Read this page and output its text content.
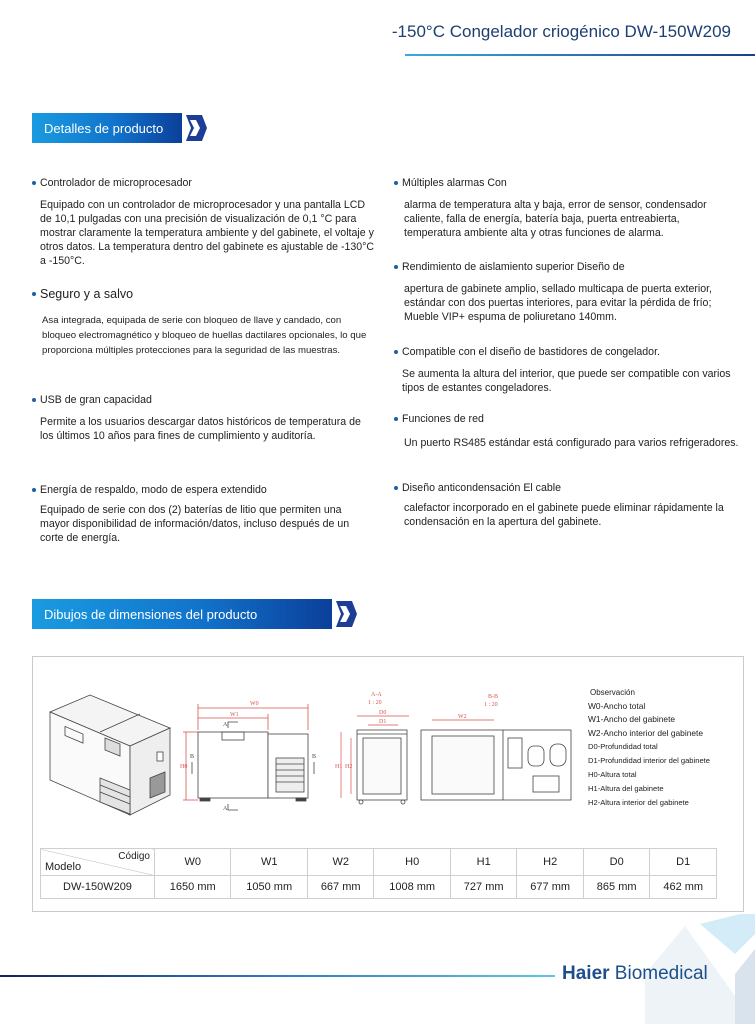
-150°C Congelador criogénico DW-150W209
Detalles de producto
Controlador de microprocesador
Equipado con un controlador de microprocesador y una pantalla LCD de 10,1 pulgadas con una precisión de visualización de 0,1 °C para mostrar claramente la temperatura ambiente y del gabinete, el voltaje y otros datos. La temperatura dentro del gabinete es ajustable de -130°C a -150°C.
Seguro y a salvo
Asa integrada, equipada de serie con bloqueo de llave y candado, con bloqueo electromagnético y bloqueo de huellas dactilares opcionales, lo que proporciona múltiples protecciones para la seguridad de las muestras.
USB de gran capacidad
Permite a los usuarios descargar datos históricos de temperatura de los últimos 10 años para fines de cumplimiento y auditoría.
Energía de respaldo, modo de espera extendido
Equipado de serie con dos (2) baterías de litio que permiten una mayor disponibilidad de información/datos, incluso después de un corte de energía.
Múltiples alarmas Con
alarma de temperatura alta y baja, error de sensor, condensador caliente, falla de energía, batería baja, puerta entreabierta, temperatura ambiente alta y otras funciones de alarma.
Rendimiento de aislamiento superior Diseño de
apertura de gabinete amplio, sellado multicapa de puerta exterior, estándar con dos puertas interiores, para evitar la pérdida de frío; Mueble VIP+ espuma de poliuretano 140mm.
Compatible con el diseño de bastidores de congelador.
Se aumenta la altura del interior, que puede ser compatible con varios tipos de estantes congeladores.
Funciones de red
Un puerto RS485 estándar está configurado para varios refrigeradores.
Diseño anticondensación El cable
calefactor incorporado en el gabinete puede eliminar rápidamente la condensación en la apertura del gabinete.
Dibujos de dimensiones del producto
W0
W1
H0
A
A
B	B
A-A
1 : 20
D0
D1
H1 H2
B-B
1 : 20
W2
Observación
W0-Ancho total
W1-Ancho del gabinete
W2-Ancho interior del gabinete
D0-Profundidad total
D1-Profundidad interior del gabinete
H0-Altura total
H1-Altura del gabinete
H2-Altura interior del gabinete
Código
Modelo	W0	W1	W2	H0	H1	H2	D0	D1
DW-150W209	1650 mm	1050 mm	667 mm	1008 mm	727 mm	677 mm	865 mm	462 mm
Haier Biomedical
